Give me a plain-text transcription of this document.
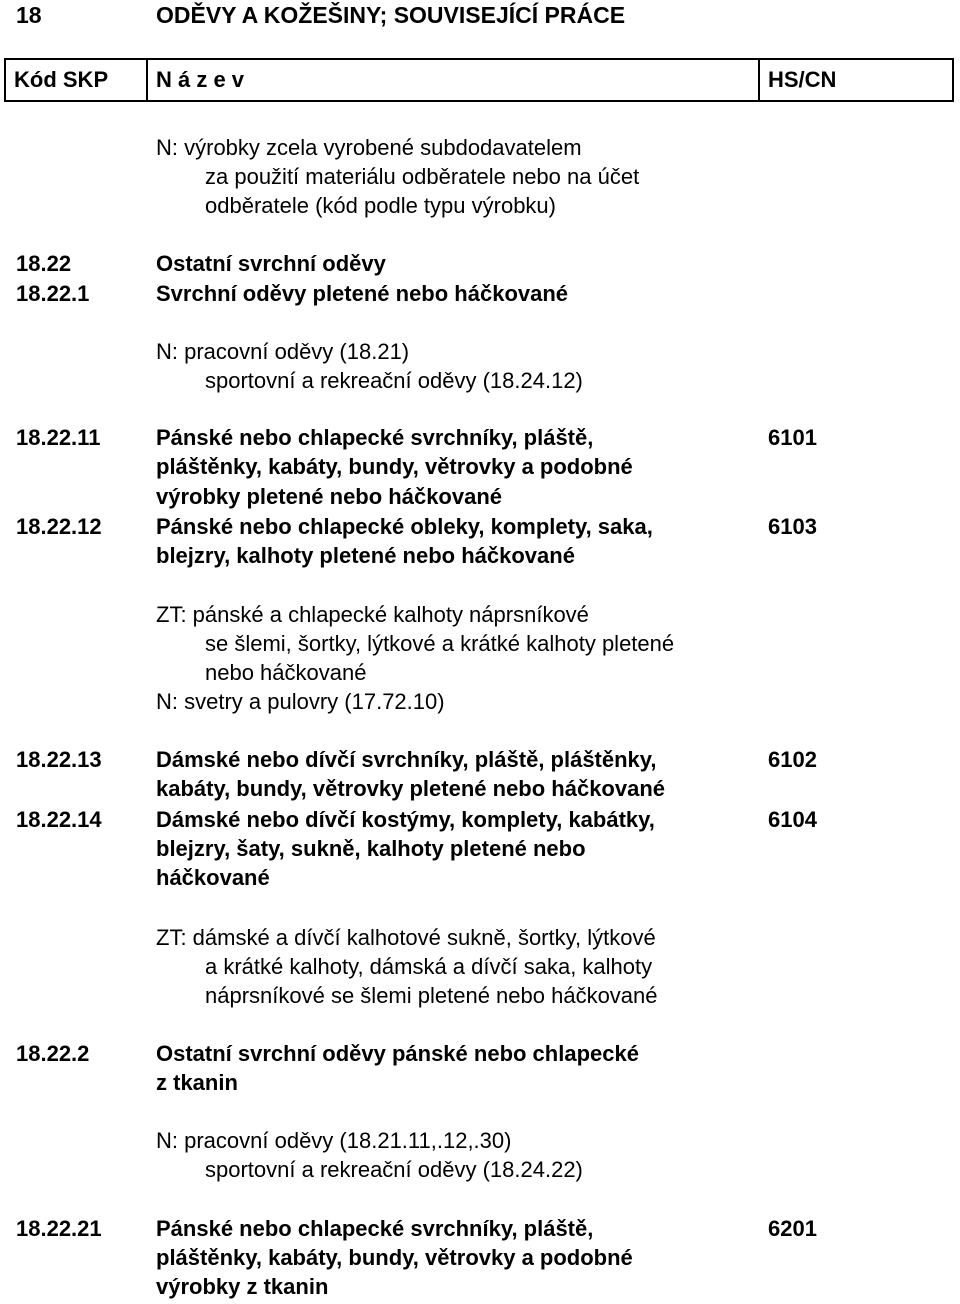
18	ODĚVY A KOŽEŠINY; SOUVISEJÍCÍ PRÁCE
Kód SKP	N á z e v	HS/CN
N: výrobky zcela vyrobené subdodavatelem
za použití materiálu odběratele nebo na účet
odběratele (kód podle typu výrobku)
18.22	Ostatní svrchní oděvy
18.22.1	Svrchní oděvy pletené nebo háčkované
N: pracovní oděvy (18.21)
sportovní a rekreační oděvy (18.24.12)
18.22.11	Pánské nebo chlapecké svrchníky, pláště,	6101
pláštěnky, kabáty, bundy, větrovky a podobné
výrobky pletené nebo háčkované
18.22.12 Pánské nebo chlapecké obleky, komplety, saka,	6103
blejzry, kalhoty pletené nebo háčkované
ZT: pánské a chlapecké kalhoty náprsníkové
se šlemi, šortky, lýtkové a krátké kalhoty pletené
nebo háčkované
N: svetry a pulovry (17.72.10)
18.22.13 Dámské nebo dívčí svrchníky, pláště, pláštěnky,	6102
kabáty, bundy, větrovky pletené nebo háčkované
18.22.14 Dámské nebo dívčí kostýmy, komplety, kabátky,	6104
blejzry, šaty, sukně, kalhoty pletené nebo
háčkované
ZT: dámské a dívčí kalhotové sukně, šortky, lýtkové
a krátké kalhoty, dámská a dívčí saka, kalhoty
náprsníkové se šlemi pletené nebo háčkované
18.22.2	Ostatní svrchní oděvy pánské nebo chlapecké
z tkanin
N: pracovní oděvy (18.21.11,.12,.30)
sportovní a rekreační oděvy (18.24.22)
18.22.21 Pánské nebo chlapecké svrchníky, pláště,	6201
pláštěnky, kabáty, bundy, větrovky a podobné
výrobky z tkanin
